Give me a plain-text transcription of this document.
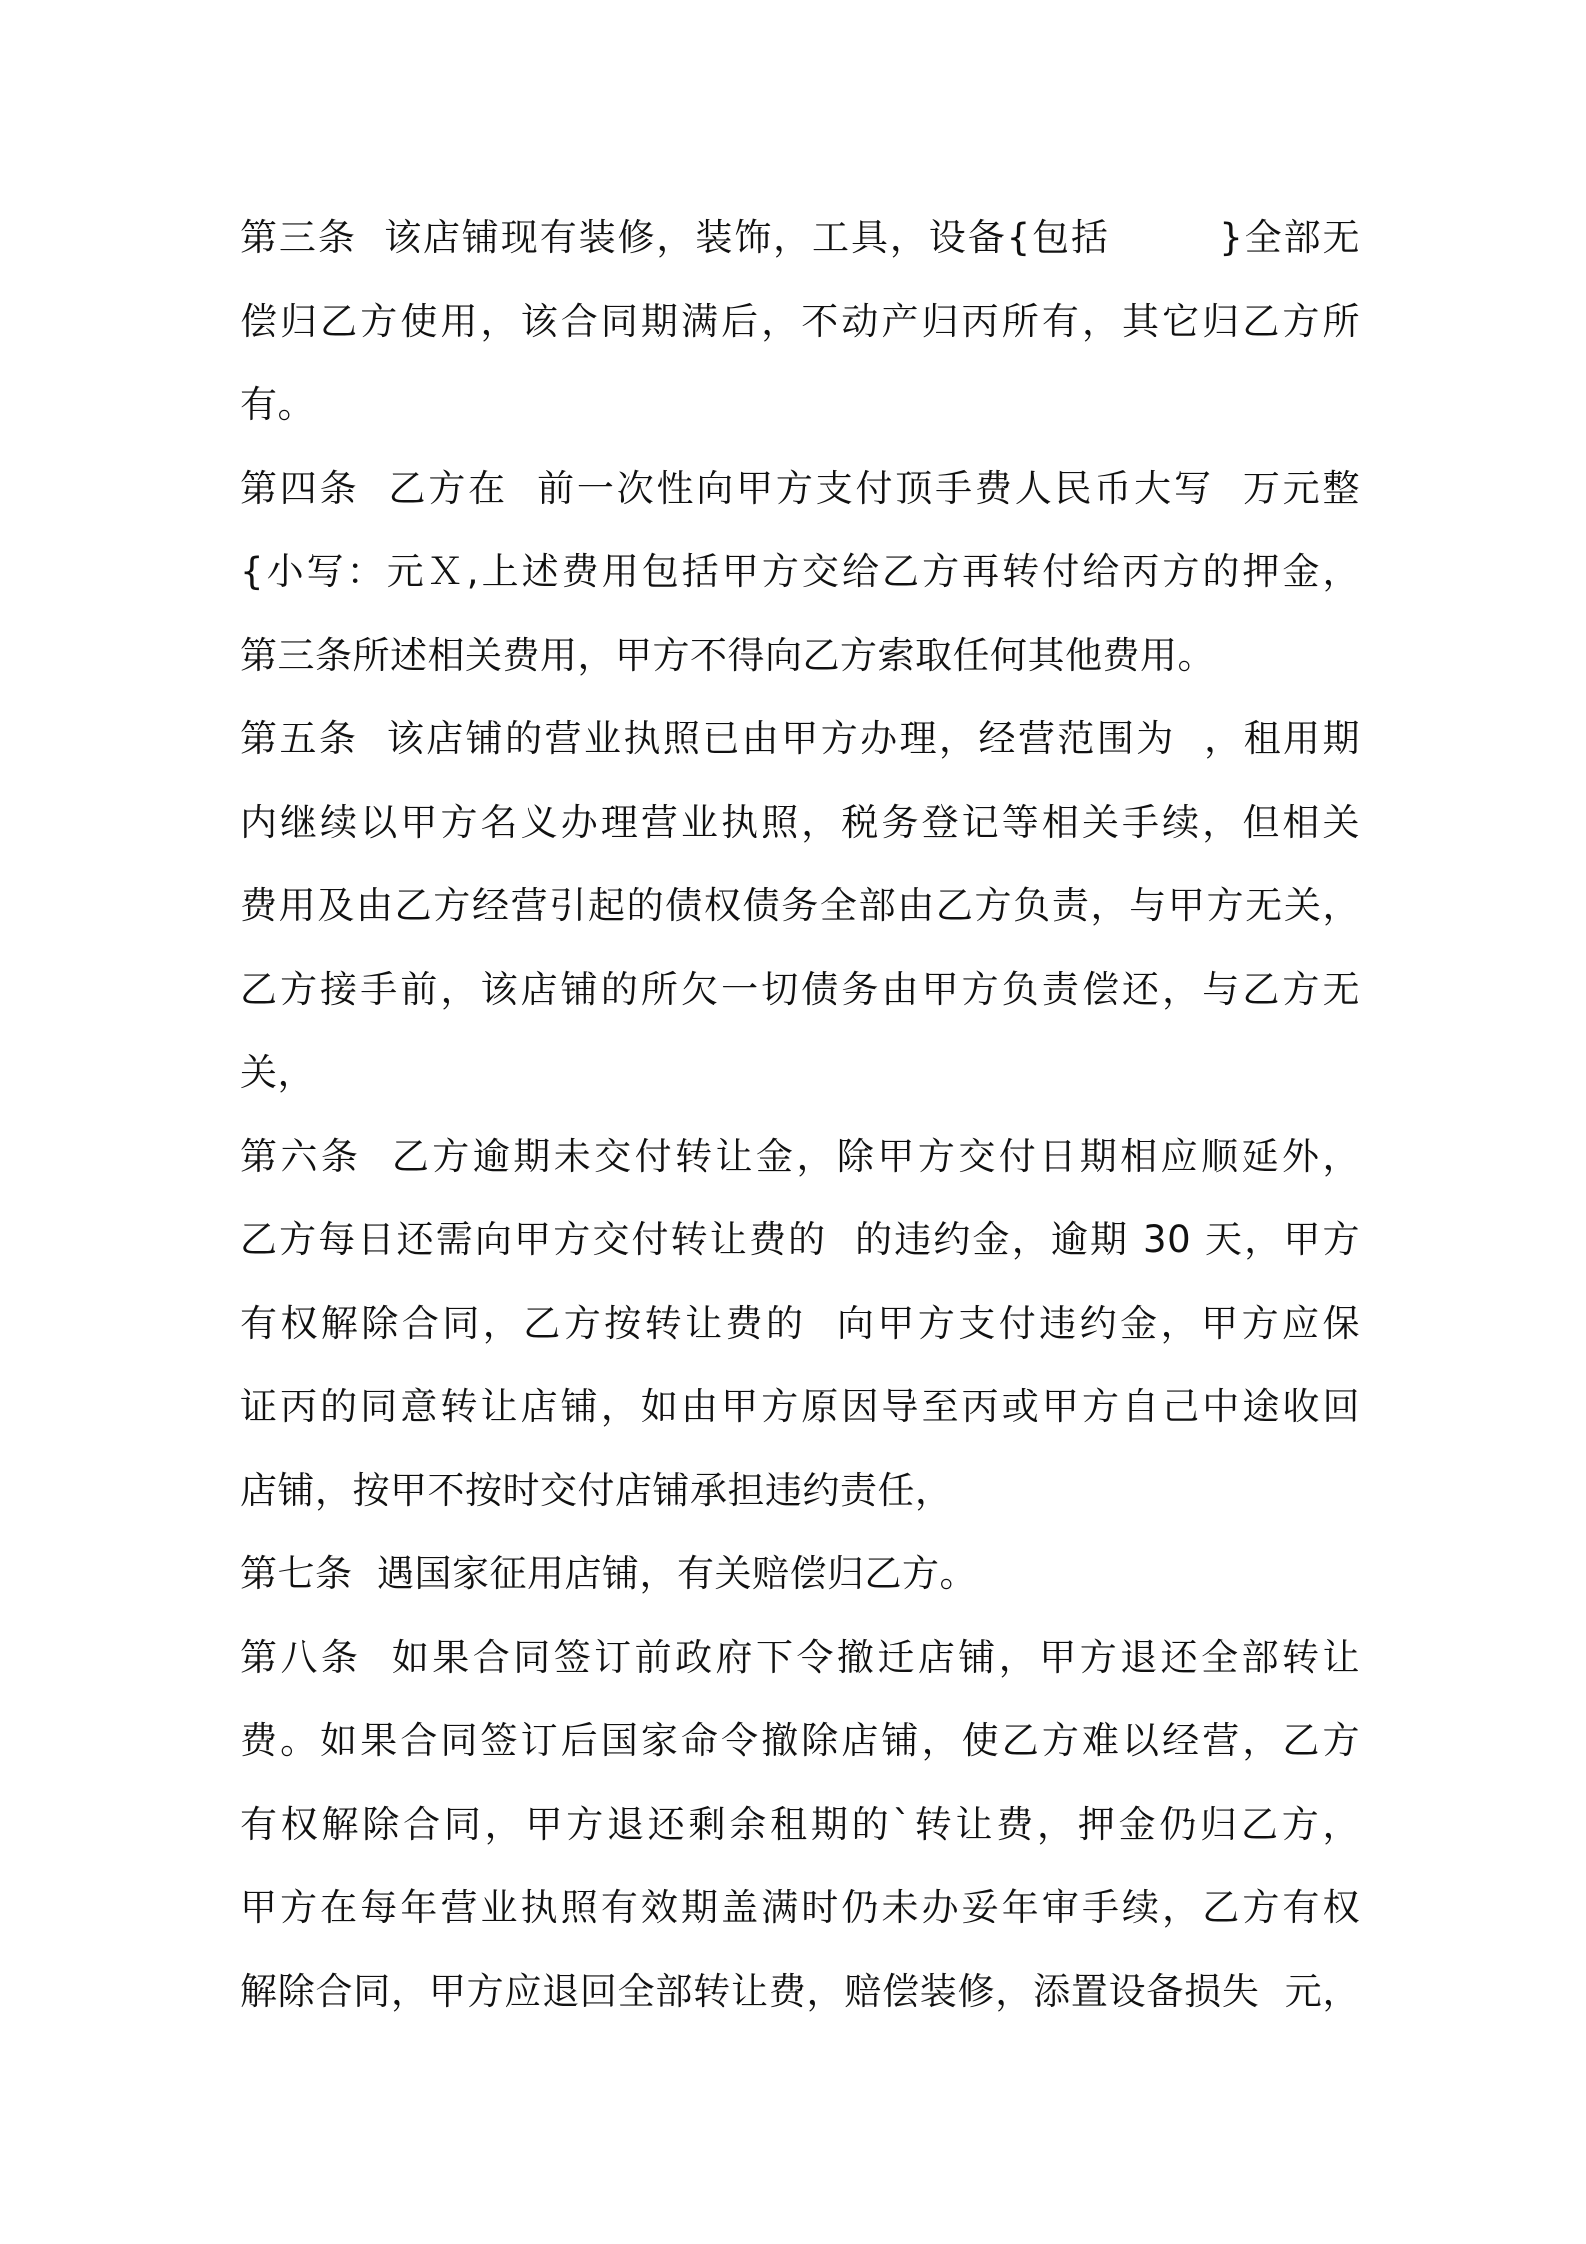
第三条  该店铺现有装修，装饰，工具，设备{包括        }全部无
偿归乙方使用，该合同期满后，不动产归丙所有，其它归乙方所
有。
第四条  乙方在  前一次性向甲方支付顶手费人民币大写  万元整
{小写：元Ｘ,上述费用包括甲方交给乙方再转付给丙方的押金，
第三条所述相关费用，甲方不得向乙方索取任何其他费用。
第五条  该店铺的营业执照已由甲方办理，经营范围为  ，租用期
内继续以甲方名义办理营业执照，税务登记等相关手续，但相关
费用及由乙方经营引起的债权债务全部由乙方负责，与甲方无关，
乙方接手前，该店铺的所欠一切债务由甲方负责偿还，与乙方无
关，
第六条  乙方逾期未交付转让金，除甲方交付日期相应顺延外，
乙方每日还需向甲方交付转让费的  的违约金，逾期 30 天，甲方
有权解除合同，乙方按转让费的  向甲方支付违约金，甲方应保
证丙的同意转让店铺，如由甲方原因导至丙或甲方自己中途收回
店铺，按甲不按时交付店铺承担违约责任，
第七条  遇国家征用店铺，有关赔偿归乙方。
第八条  如果合同签订前政府下令撤迁店铺，甲方退还全部转让
费。如果合同签订后国家命令撤除店铺，使乙方难以经营，乙方
有权解除合同，甲方退还剩余租期的`转让费，押金仍归乙方，
甲方在每年营业执照有效期盖满时仍未办妥年审手续，乙方有权
解除合同，甲方应退回全部转让费，赔偿装修，添置设备损失  元，
